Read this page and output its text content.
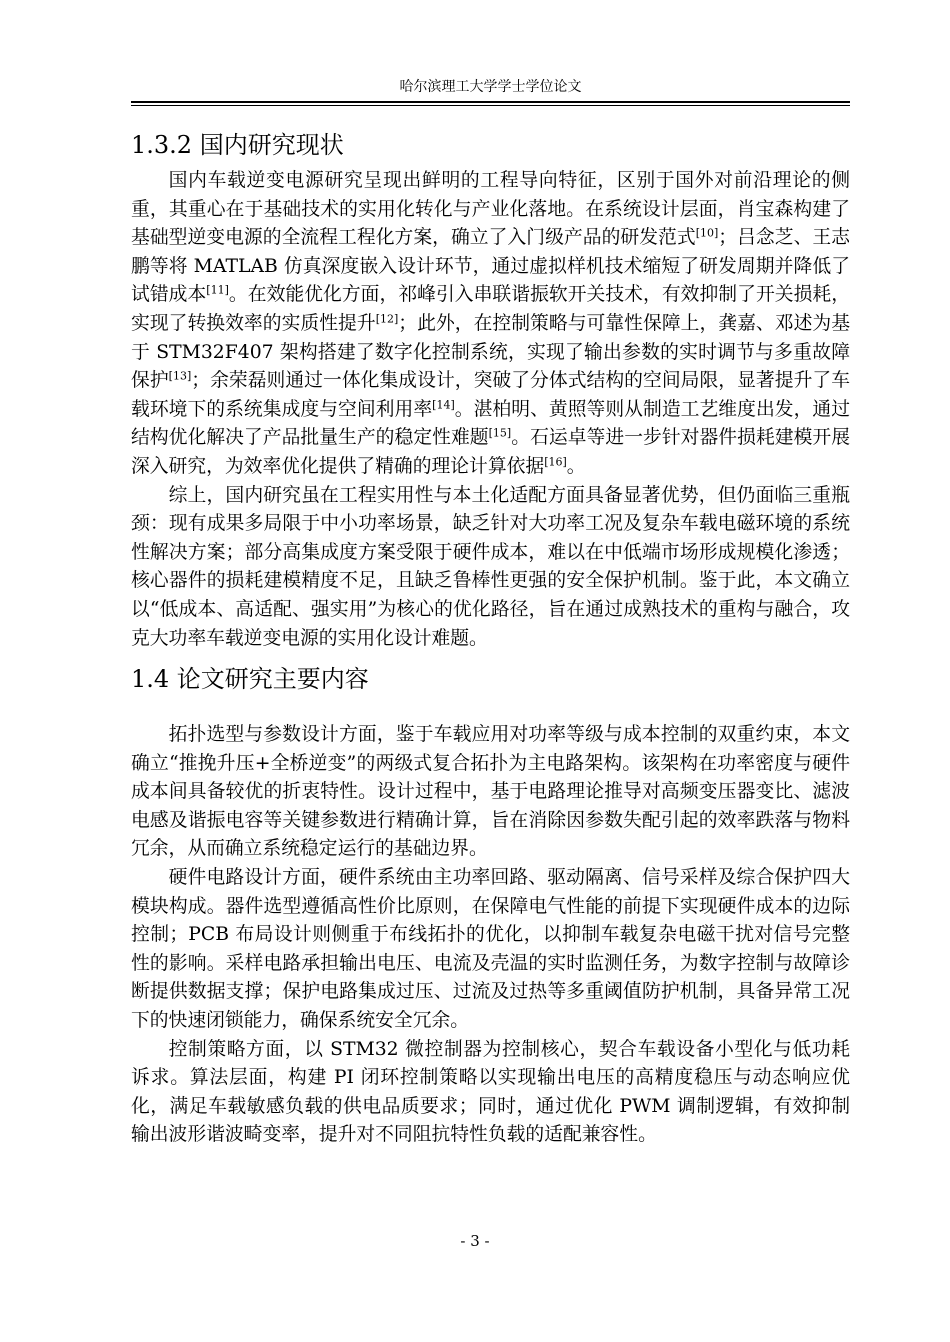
哈尔滨理工大学学士学位论文
1.3.2 国内研究现状

国内车载逆变电源研究呈现出鲜明的工程导向特征，区别于国外对前沿理论的侧重，其重心在于基础技术的实用化转化与产业化落地。在系统设计层面，肖宝森构建了基础型逆变电源的全流程工程化方案，确立了入门级产品的研发范式[10]；吕念芝、王志鹏等将 MATLAB 仿真深度嵌入设计环节，通过虚拟样机技术缩短了研发周期并降低了试错成本[11]。在效能优化方面，祁峰引入串联谐振软开关技术，有效抑制了开关损耗，实现了转换效率的实质性提升[12]；此外，在控制策略与可靠性保障上，龚嘉、邓述为基于 STM32F407 架构搭建了数字化控制系统，实现了输出参数的实时调节与多重故障保护[13]；余荣磊则通过一体化集成设计，突破了分体式结构的空间局限，显著提升了车载环境下的系统集成度与空间利用率[14]。湛柏明、黄照等则从制造工艺维度出发，通过结构优化解决了产品批量生产的稳定性难题[15]。石运卓等进一步针对器件损耗建模开展深入研究，为效率优化提供了精确的理论计算依据[16]。

综上，国内研究虽在工程实用性与本土化适配方面具备显著优势，但仍面临三重瓶颈：现有成果多局限于中小功率场景，缺乏针对大功率工况及复杂车载电磁环境的系统性解决方案；部分高集成度方案受限于硬件成本，难以在中低端市场形成规模化渗透；核心器件的损耗建模精度不足，且缺乏鲁棒性更强的安全保护机制。鉴于此，本文确立以“低成本、高适配、强实用”为核心的优化路径，旨在通过成熟技术的重构与融合，攻克大功率车载逆变电源的实用化设计难题。

1.4 论文研究主要内容

拓扑选型与参数设计方面，鉴于车载应用对功率等级与成本控制的双重约束，本文确立“推挽升压+全桥逆变”的两级式复合拓扑为主电路架构。该架构在功率密度与硬件成本间具备较优的折衷特性。设计过程中，基于电路理论推导对高频变压器变比、滤波电感及谐振电容等关键参数进行精确计算，旨在消除因参数失配引起的效率跌落与物料冗余，从而确立系统稳定运行的基础边界。

硬件电路设计方面，硬件系统由主功率回路、驱动隔离、信号采样及综合保护四大模块构成。器件选型遵循高性价比原则，在保障电气性能的前提下实现硬件成本的边际控制；PCB 布局设计则侧重于布线拓扑的优化，以抑制车载复杂电磁干扰对信号完整性的影响。采样电路承担输出电压、电流及壳温的实时监测任务，为数字控制与故障诊断提供数据支撑；保护电路集成过压、过流及过热等多重阈值防护机制，具备异常工况下的快速闭锁能力，确保系统安全冗余。

控制策略方面，以 STM32 微控制器为控制核心，契合车载设备小型化与低功耗诉求。算法层面，构建 PI 闭环控制策略以实现输出电压的高精度稳压与动态响应优化，满足车载敏感负载的供电品质要求；同时，通过优化 PWM 调制逻辑，有效抑制输出波形谐波畸变率，提升对不同阻抗特性负载的适配兼容性。

- 3 -
